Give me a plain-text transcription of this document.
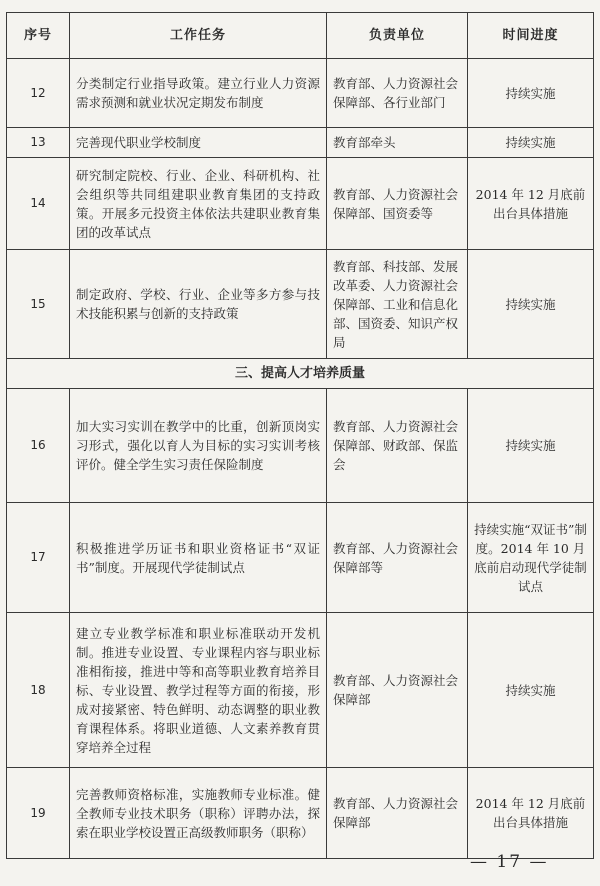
序号	工作任务	负责单位	时间进度
12	分类制定行业指导政策。建立行业人力资源需求预测和就业状况定期发布制度	教育部、人力资源社会保障部、各行业部门	持续实施
13	完善现代职业学校制度	教育部牵头	持续实施
14	研究制定院校、行业、企业、科研机构、社会组织等共同组建职业教育集团的支持政策。开展多元投资主体依法共建职业教育集团的改革试点	教育部、人力资源社会保障部、国资委等	2014 年 12 月底前出台具体措施
15	制定政府、学校、行业、企业等多方参与技术技能积累与创新的支持政策	教育部、科技部、发展改革委、人力资源社会保障部、工业和信息化部、国资委、知识产权局	持续实施
三、提高人才培养质量			
16	加大实习实训在教学中的比重，创新顶岗实习形式，强化以育人为目标的实习实训考核评价。健全学生实习责任保险制度	教育部、人力资源社会保障部、财政部、保监会	持续实施
17	积极推进学历证书和职业资格证书“双证书”制度。开展现代学徒制试点	教育部、人力资源社会保障部等	持续实施“双证书”制度。2014 年 10 月底前启动现代学徒制试点
18	建立专业教学标准和职业标准联动开发机制。推进专业设置、专业课程内容与职业标准相衔接，推进中等和高等职业教育培养目标、专业设置、教学过程等方面的衔接，形成对接紧密、特色鲜明、动态调整的职业教育课程体系。将职业道德、人文素养教育贯穿培养全过程	教育部、人力资源社会保障部	持续实施
19	完善教师资格标准，实施教师专业标准。健全教师专业技术职务（职称）评聘办法，探索在职业学校设置正高级教师职务（职称）	教育部、人力资源社会保障部	2014 年 12 月底前出台具体措施
— 17 —
